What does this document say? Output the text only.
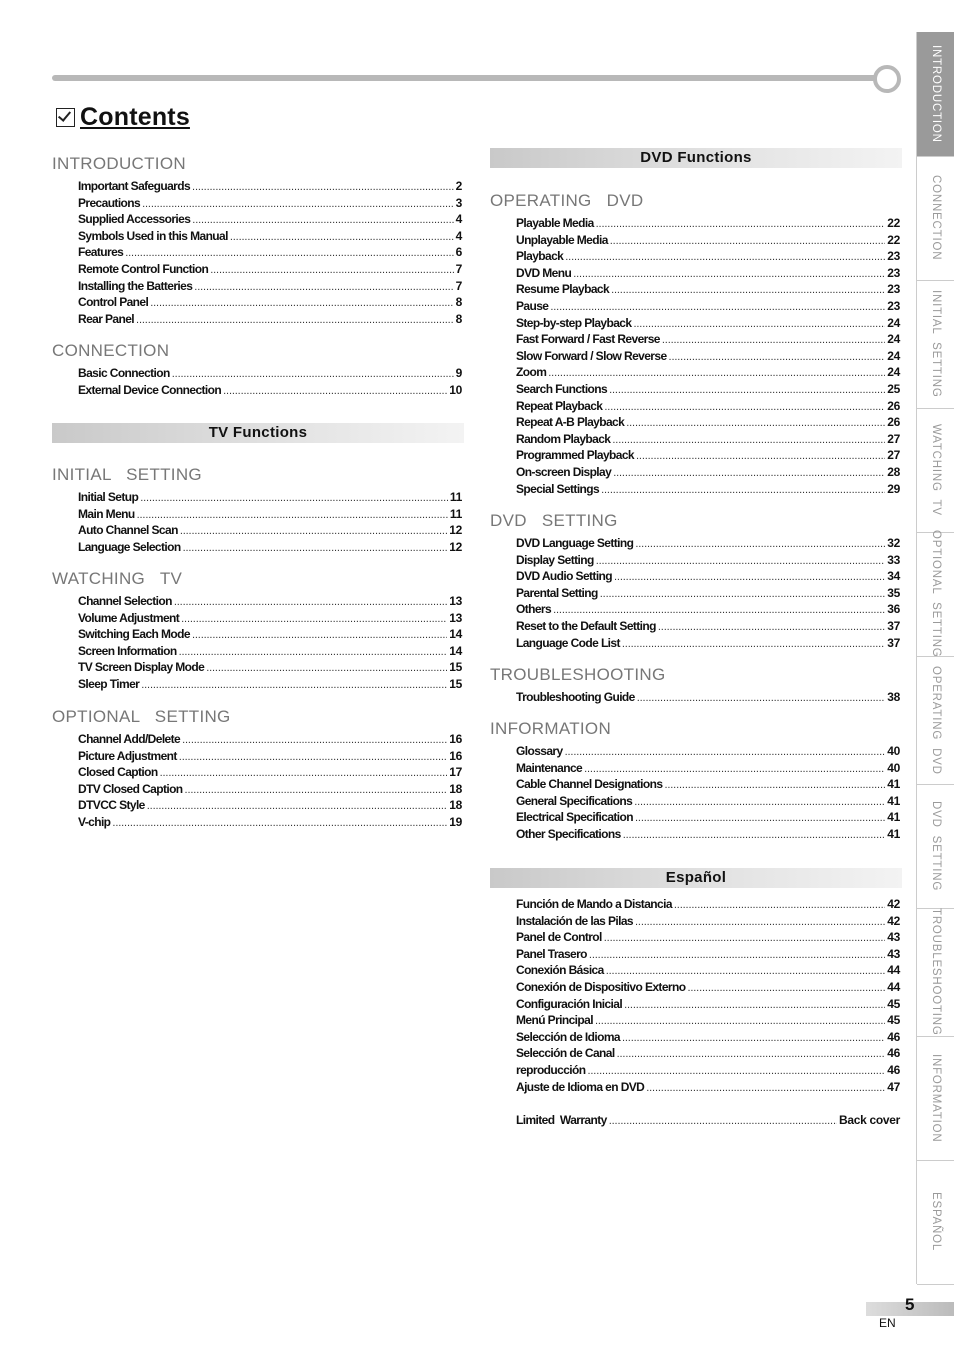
Contents
INTRODUCTION
Important Safeguards . . .	2
Precautions . . .	3
Supplied Accessories . . .	4
Symbols Used in this Manual . . .	4
Features . . .	6
Remote Control Function . . .	7
Installing the Batteries . . .	7
Control Panel . . .	8
Rear Panel . . .	8
CONNECTION
Basic Connection . . .	9
External Device Connection . . .	10
TV Functions
INITIAL   SETTING
Initial Setup . . .	11
Main Menu . . .	11
Auto Channel Scan . . .	12
Language Selection . . .	12
WATCHING   TV
Channel Selection . . .	13
Volume Adjustment . . .	13
Switching Each Mode . . .	14
Screen Information . . .	14
TV Screen Display Mode . . .	15
Sleep Timer . . .	15
OPTIONAL   SETTING
Channel Add/Delete . . .	16
Picture Adjustment . . .	16
Closed Caption . . .	17
DTV Closed Caption . . .	18
DTVCC Style . . .	18
V-chip . . .	19
DVD Functions
OPERATING   DVD
Playable Media . . .	22
Unplayable Media . . .	22
Playback . . .	23
DVD Menu . . .	23
Resume Playback . . .	23
Pause . . .	23
Step-by-step Playback . . .	24
Fast Forward / Fast Reverse . . .	24
Slow Forward / Slow Reverse . . .	24
Zoom . . .	24
Search Functions . . .	25
Repeat Playback . . .	26
Repeat A-B Playback . . .	26
Random Playback . . .	27
Programmed Playback . . .	27
On-screen Display . . .	28
Special Settings . . .	29
DVD   SETTING
DVD Language Setting . . .	32
Display Setting . . .	33
DVD Audio Setting . . .	34
Parental Setting . . .	35
Others . . .	36
Reset to the Default Setting . . .	37
Language Code List . . .	37
TROUBLESHOOTING
Troubleshooting Guide . . .	38
INFORMATION
Glossary . . .	40
Maintenance . . .	40
Cable Channel Designations . . .	41
General Specifications . . .	41
Electrical Specification . . .	41
Other Specifications . . .	41
Español
Función de Mando a Distancia . . .	42
Instalación de las Pilas . . .	42
Panel de Control . . .	43
Panel Trasero . . .	43
Conexión Básica . . .	44
Conexión de Dispositivo Externo . . .	44
Configuración Inicial . . .	45
Menú Principal . . .	45
Selección de Idioma . . .	46
Selección de Canal . . .	46
reproducción . . .	46
Ajuste de Idioma en DVD . . .	47
Limited  Warranty . . .	Back cover
INTRODUCTION
CONNECTION
INITIAL  SETTING
WATCHING  TV
OPTIONAL  SETTING
OPERATING  DVD
DVD  SETTING
TROUBLESHOOTING
INFORMATION
ESPAÑOL
5
EN
